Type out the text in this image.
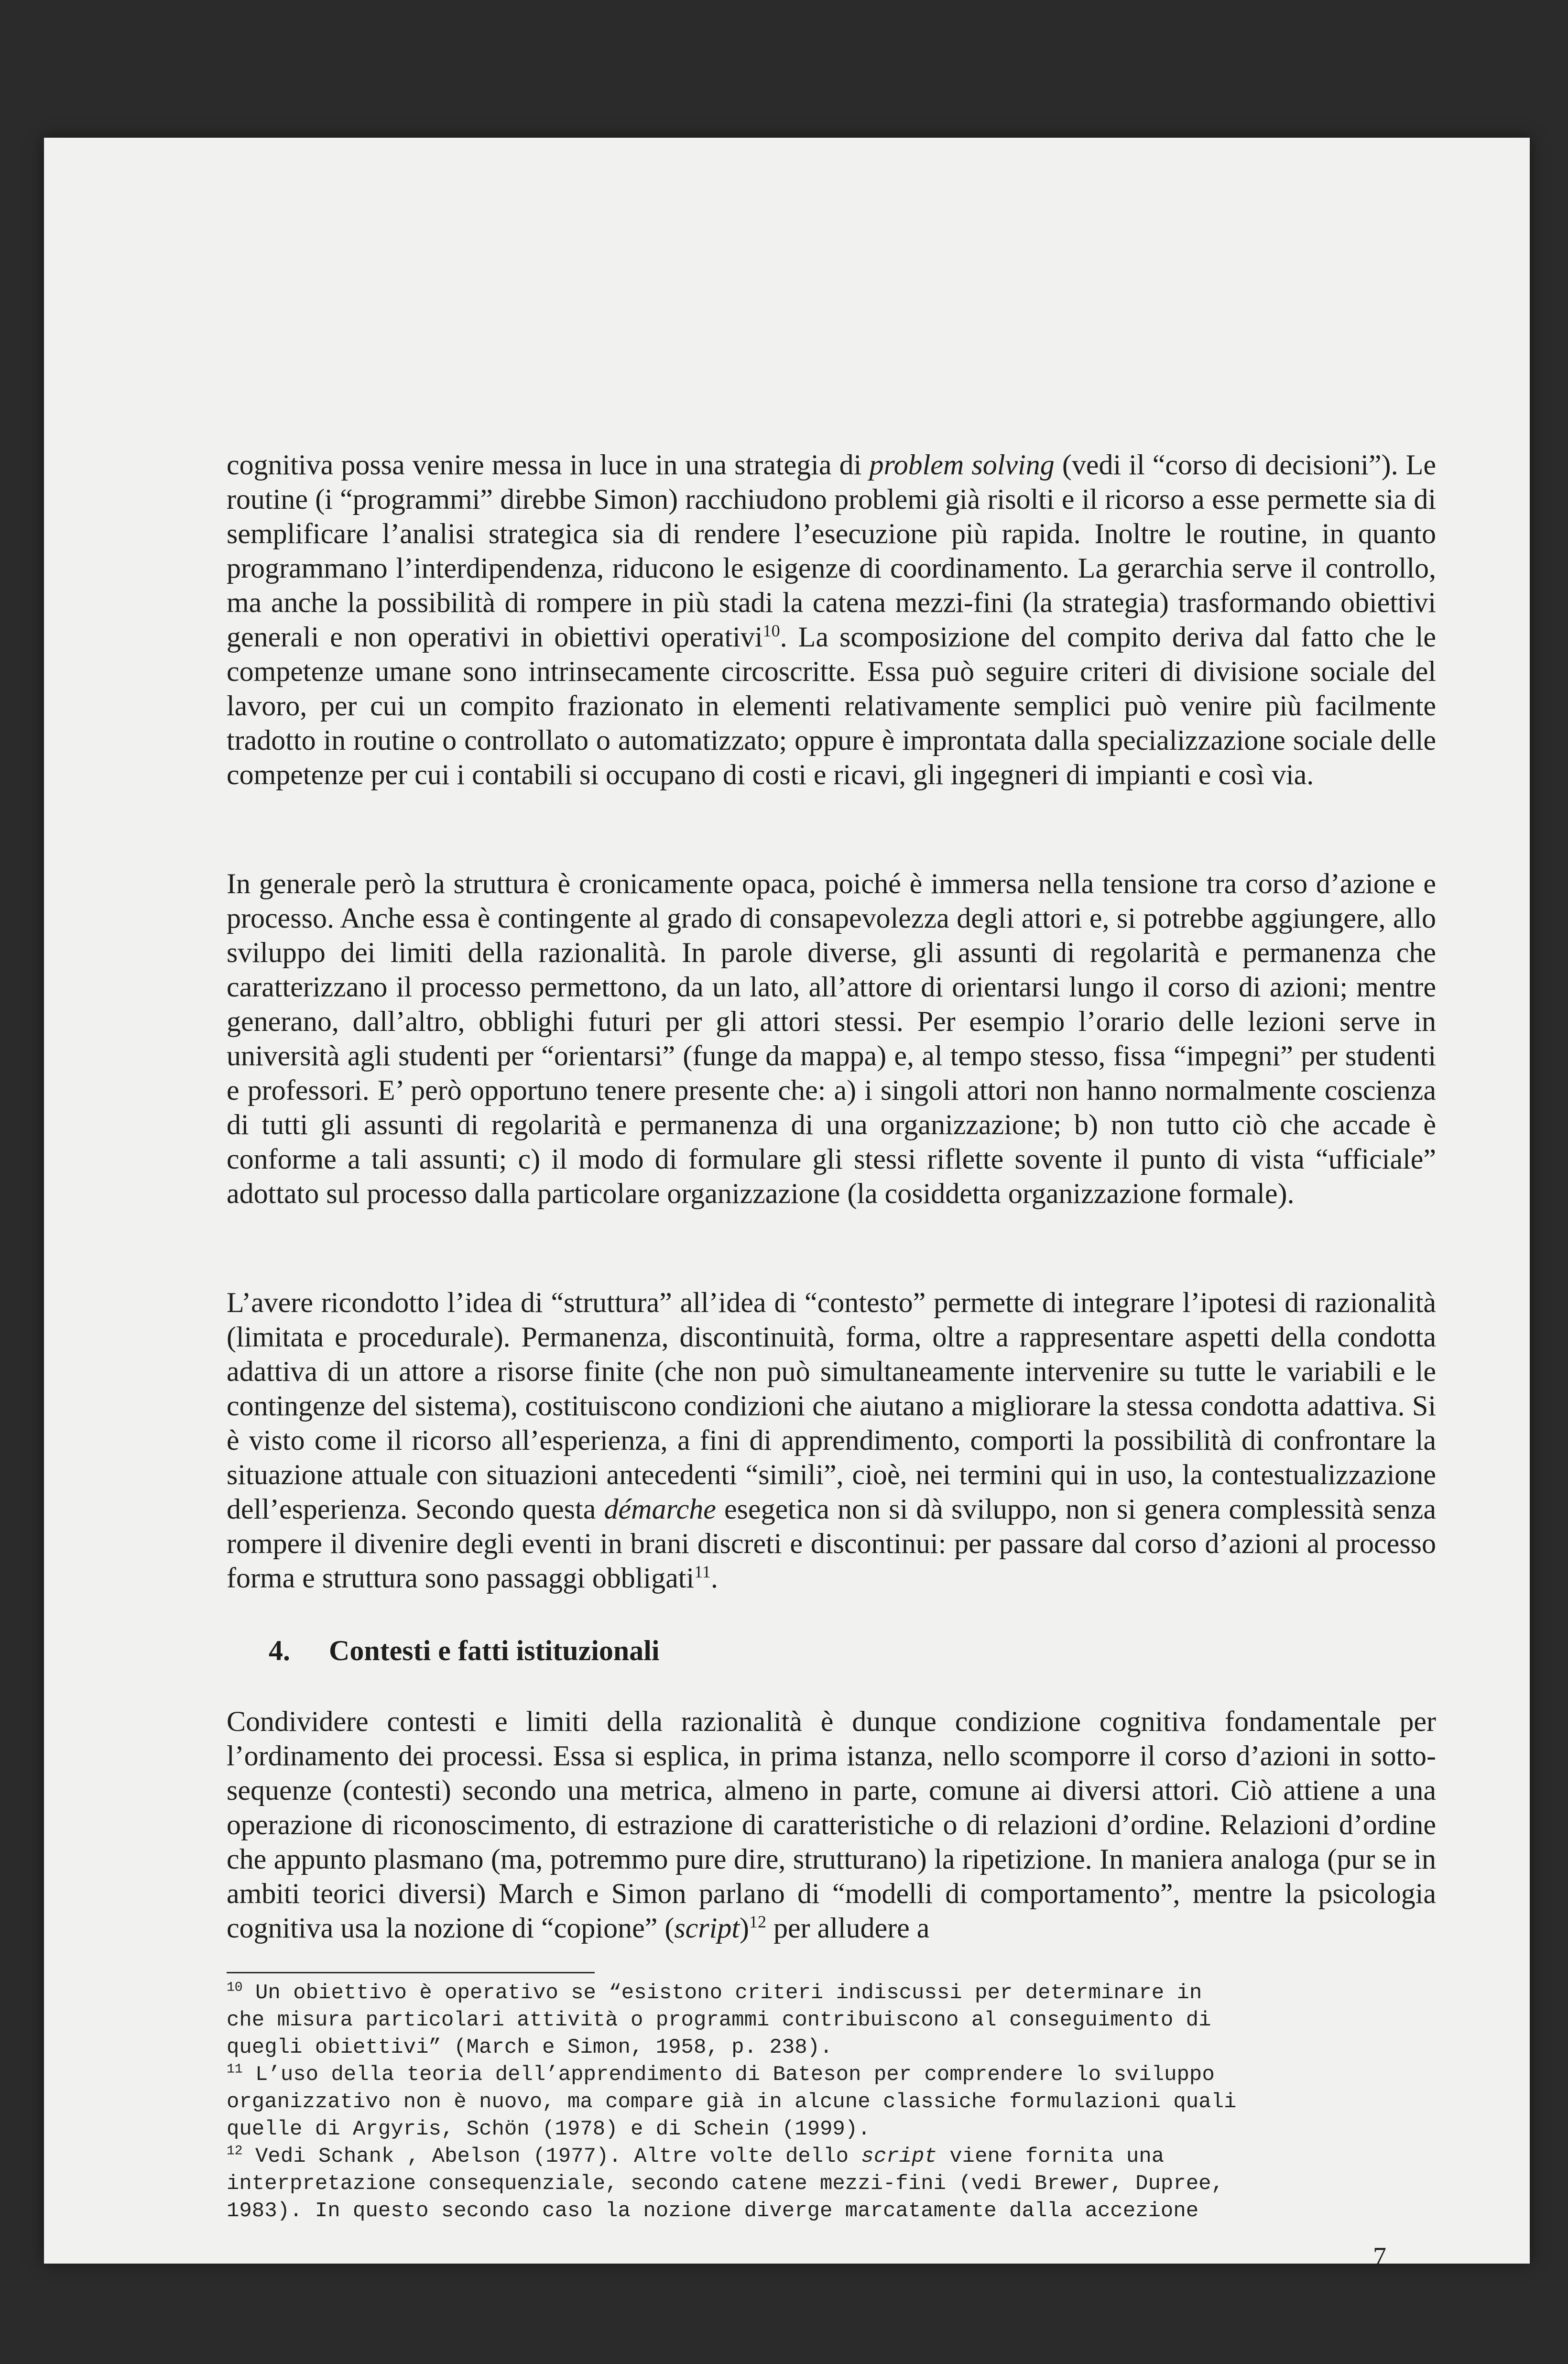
cognitiva possa venire messa in luce in una strategia di problem solving (vedi il “corso di decisioni”). Le routine (i “programmi” direbbe Simon) racchiudono problemi già risolti e il ricorso a esse permette sia di semplificare l’analisi strategica sia di rendere l’esecuzione più rapida. Inoltre le routine, in quanto programmano l’interdipendenza, riducono le esigenze di coordinamento. La gerarchia serve il controllo, ma anche la possibilità di rompere in più stadi la catena mezzi-fini (la strategia) trasformando obiettivi generali e non operativi in obiettivi operativi$^{10}$. La scomposizione del compito deriva dal fatto che le competenze umane sono intrinsecamente circoscritte. Essa può seguire criteri di divisione sociale del lavoro, per cui un compito frazionato in elementi relativamente semplici può venire più facilmente tradotto in routine o controllato o automatizzato; oppure è improntata dalla specializzazione sociale delle competenze per cui i contabili si occupano di costi e ricavi, gli ingegneri di impianti e così via.

In generale però la struttura è cronicamente opaca, poiché è immersa nella tensione tra corso d’azione e processo. Anche essa è contingente al grado di consapevolezza degli attori e, si potrebbe aggiungere, allo sviluppo dei limiti della razionalità. In parole diverse, gli assunti di regolarità e permanenza che caratterizzano il processo permettono, da un lato, all’attore di orientarsi lungo il corso di azioni; mentre generano, dall’altro, obblighi futuri per gli attori stessi. Per esempio l’orario delle lezioni serve in università agli studenti per “orientarsi” (funge da mappa) e, al tempo stesso, fissa “impegni” per studenti e professori. E’ però opportuno tenere presente che: a) i singoli attori non hanno normalmente coscienza di tutti gli assunti di regolarità e permanenza di una organizzazione; b) non tutto ciò che accade è conforme a tali assunti; c) il modo di formulare gli stessi riflette sovente il punto di vista “ufficiale” adottato sul processo dalla particolare organizzazione (la cosiddetta organizzazione formale).

L’avere ricondotto l’idea di “struttura” all’idea di “contesto” permette di integrare l’ipotesi di razionalità (limitata e procedurale). Permanenza, discontinuità, forma, oltre a rappresentare aspetti della condotta adattiva di un attore a risorse finite (che non può simultaneamente intervenire su tutte le variabili e le contingenze del sistema), costituiscono condizioni che aiutano a migliorare la stessa condotta adattiva. Si è visto come il ricorso all’esperienza, a fini di apprendimento, comporti la possibilità di confrontare la situazione attuale con situazioni antecedenti “simili”, cioè, nei termini qui in uso, la contestualizzazione dell’esperienza. Secondo questa démarche esegetica non si dà sviluppo, non si genera complessità senza rompere il divenire degli eventi in brani discreti e discontinui: per passare dal corso d’azioni al processo forma e struttura sono passaggi obbligati$^{11}$.

4. Contesti e fatti istituzionali

Condividere contesti e limiti della razionalità è dunque condizione cognitiva fondamentale per l’ordinamento dei processi. Essa si esplica, in prima istanza, nello scomporre il corso d’azioni in sotto-sequenze (contesti) secondo una metrica, almeno in parte, comune ai diversi attori. Ciò attiene a una operazione di riconoscimento, di estrazione di caratteristiche o di relazioni d’ordine. Relazioni d’ordine che appunto plasmano (ma, potremmo pure dire, strutturano) la ripetizione. In maniera analoga (pur se in ambiti teorici diversi) March e Simon parlano di “modelli di comportamento”, mentre la psicologia cognitiva usa la nozione di “copione” (script)$^{12}$ per alludere a

$^{10}$ Un obiettivo è operativo se “esistono criteri indiscussi per determinare in
che misura particolari attività o programmi contribuiscono al conseguimento di
quegli obiettivi” (March e Simon, 1958, p. 238).

$^{11}$ L’uso della teoria dell’apprendimento di Bateson per comprendere lo sviluppo
organizzativo non è nuovo, ma compare già in alcune classiche formulazioni quali
quelle di Argyris, Schön (1978) e di Schein (1999).

$^{12}$ Vedi Schank , Abelson (1977). Altre volte dello script viene fornita una
interpretazione consequenziale, secondo catene mezzi-fini (vedi Brewer, Dupree,
1983). In questo secondo caso la nozione diverge marcatamente dalla accezione

7
